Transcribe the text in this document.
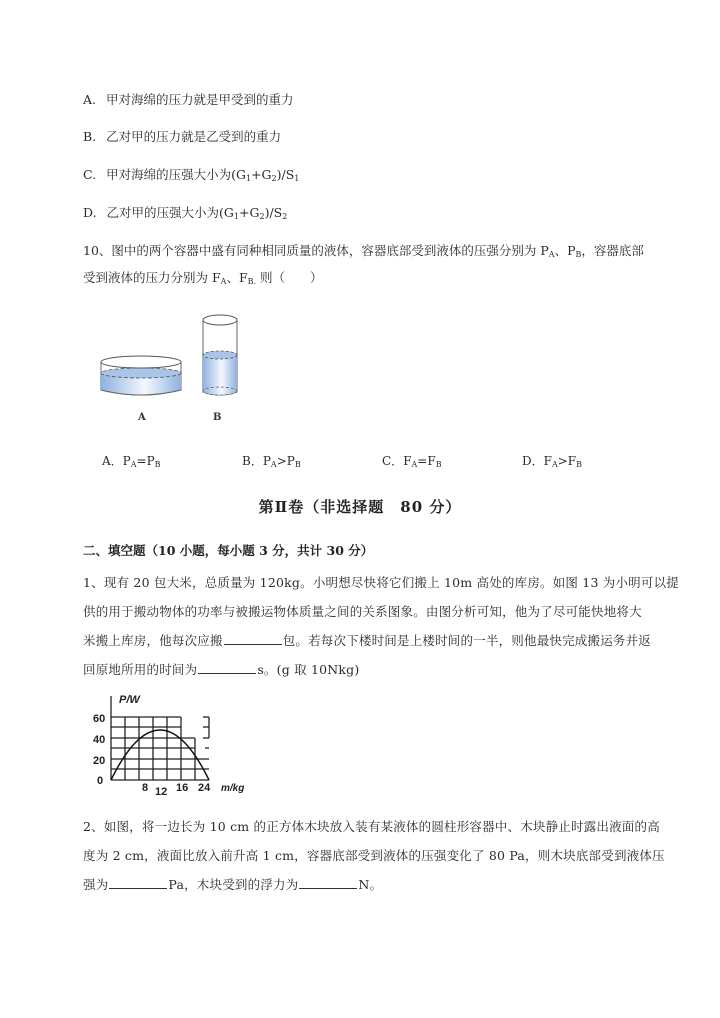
A. 甲对海绵的压力就是甲受到的重力
B. 乙对甲的压力就是乙受到的重力
C. 甲对海绵的压强大小为$(G_1+G_2)/S_1$
D. 乙对甲的压强大小为$(G_1+G_2)/S_2$
10、图中的两个容器中盛有同种相同质量的液体，容器底部受到液体的压强分别为 $P_A$、$P_B$，容器底部
受到液体的压力分别为 $F_A$、$F_{B.}$ 则（　　）
A	B
A．$P_A=P_B$	B．$P_A>P_B$	C．$F_A=F_B$	D．$F_A>F_B$
第Ⅱ卷（非选择题　80 分）
二、填空题（10 小题，每小题 3 分，共计 30 分）
1、现有 20 包大米，总质量为 120kg。小明想尽快将它们搬上 10m 高处的库房。如图 13 为小明可以提
供的用于搬动物体的功率与被搬运物体质量之间的关系图象。由图分析可知，他为了尽可能快地将大
米搬上库房，他每次应搬	包。若每次下楼时间是上楼时间的一半，则他最快完成搬运务并返
回原地所用的时间为	s。(g 取 10Nkg)
P/W
60
40
20
0
8 12 16 24 m/kg
2、如图，将一边长为 10 cm 的正方体木块放入装有某液体的圆柱形容器中、木块静止时露出液面的高
度为 2 cm，液面比放入前升高 1 cm，容器底部受到液体的压强变化了 80 Pa，则木块底部受到液体压
强为	Pa，木块受到的浮力为	N。
